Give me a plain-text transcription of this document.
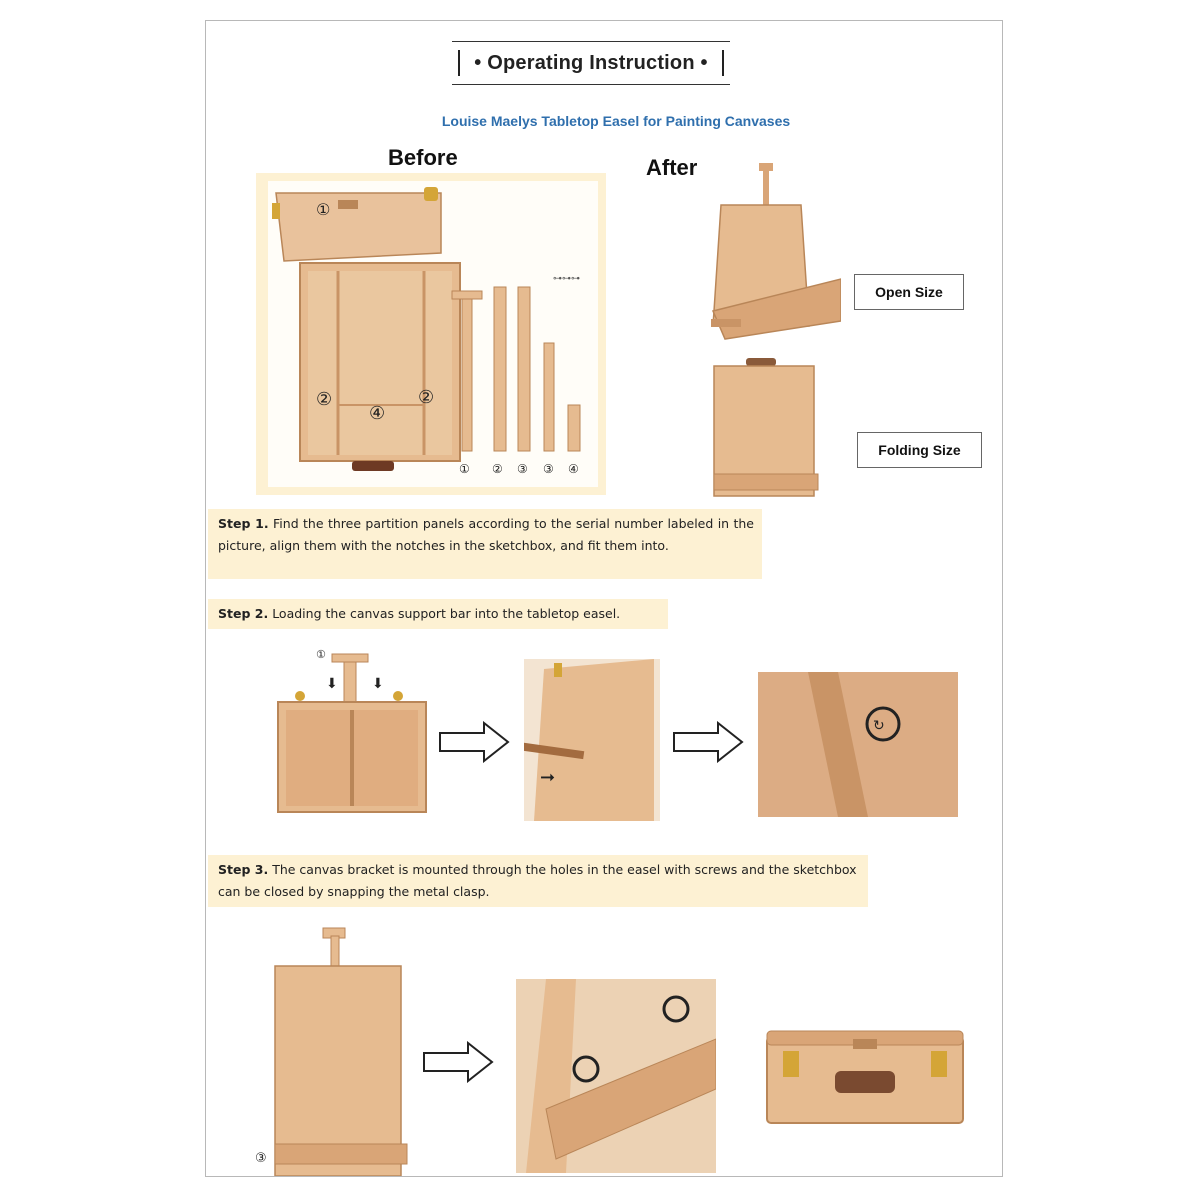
• Operating Instruction •
Louise Maelys Tabletop Easel for Painting Canvases
Before	After
①
②
④
②
⊶⊶⊶
① ② ③ ③ ④
Open Size
Folding Size
Step 1. Find the three partition panels according to the serial number labeled in the picture, align them with the notches in the sketchbox, and fit them into.
Step 2. Loading the canvas support bar into the tabletop easel.
①
⬇ ⬇
➞
↻
Step 3. The canvas bracket is mounted through the holes in the easel with screws and the sketchbox can be closed by snapping the metal clasp.
③
